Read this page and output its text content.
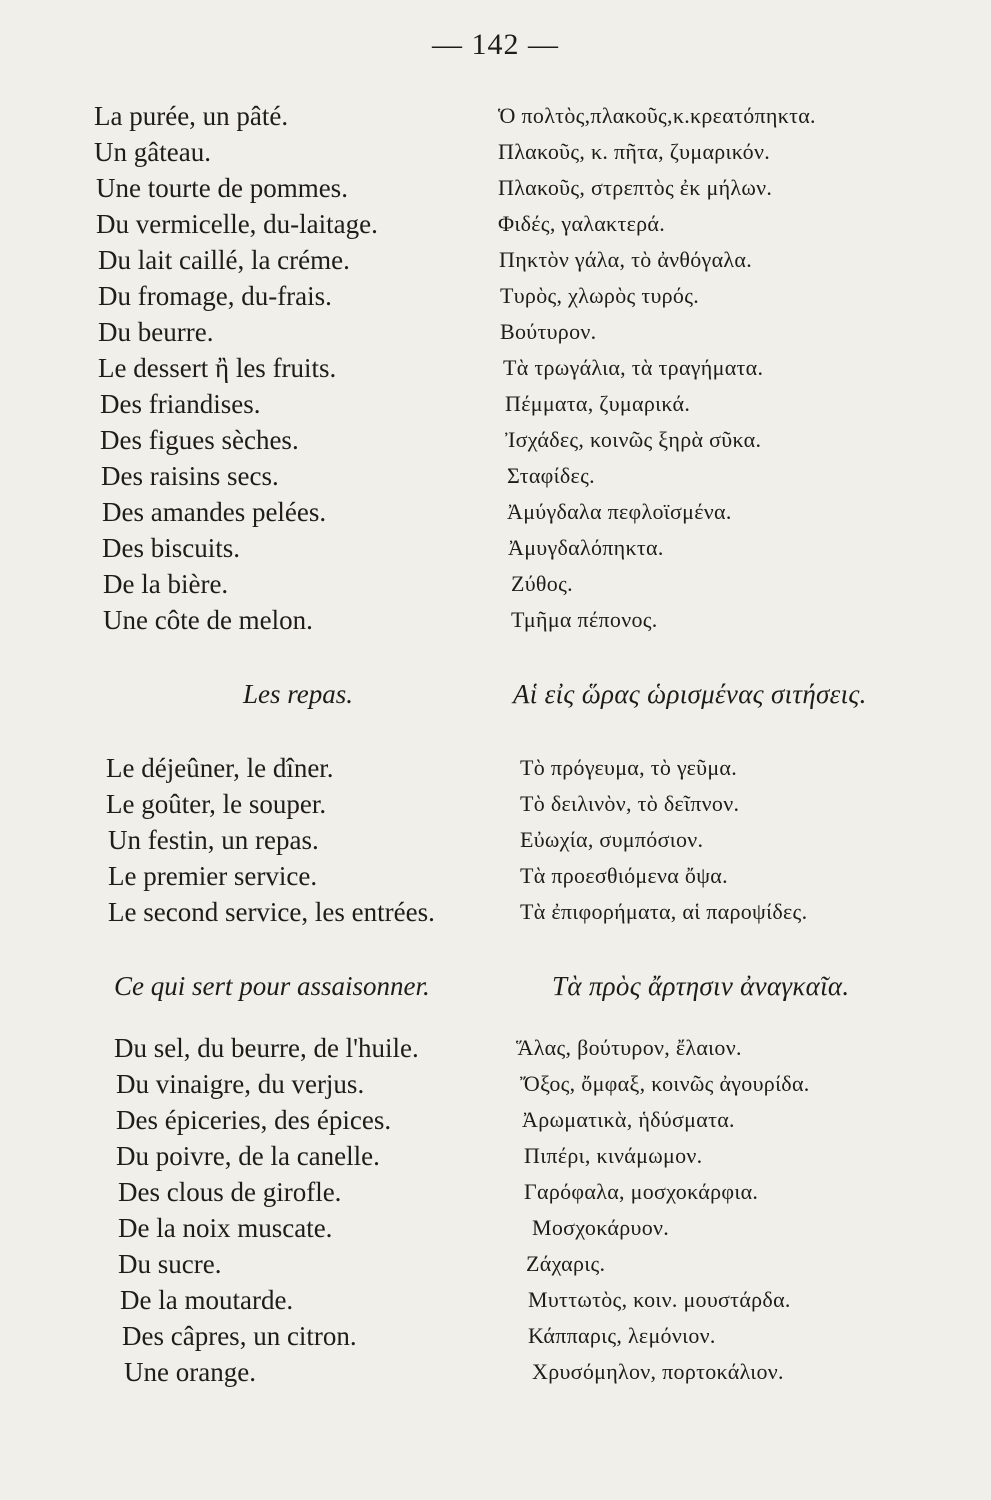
— 142 —
La purée, un pâté.	Ὁ πολτὸς,πλακοῦς,κ.κρεατόπηκτα.
Un gâteau.	Πλακοῦς, κ. πῆτα, ζυμαρικόν.
Une tourte de pommes.	Πλακοῦς, στρεπτὸς ἐκ μήλων.
Du vermicelle, du-laitage.	Φιδές, γαλακτερά.
Du lait caillé, la créme.	Πηκτὸν γάλα, τὸ ἀνθόγαλα.
Du fromage, du-frais.	Τυρὸς, χλωρὸς τυρός.
Du beurre.	Βούτυρον.
Le dessert ἢ les fruits.	Τὰ τρωγάλια, τὰ τραγήματα.
Des friandises.	Πέμματα, ζυμαρικά.
Des figues sèches.	Ἰσχάδες, κοινῶς ξηρὰ σῦκα.
Des raisins secs.	Σταφίδες.
Des amandes pelées.	Ἀμύγδαλα πεφλοϊσμένα.
Des biscuits.	Ἀμυγδαλόπηκτα.
De la bière.	Ζύθος.
Une côte de melon.	Τμῆμα πέπονος.
Les repas.	Αἱ εἰς ὥρας ὡρισμένας σιτήσεις.
Le déjeûner, le dîner.	Τὸ πρόγευμα, τὸ γεῦμα.
Le goûter, le souper.	Τὸ δειλινὸν, τὸ δεῖπνον.
Un festin, un repas.	Εὐωχία, συμπόσιον.
Le premier service.	Τὰ προεσθιόμενα ὄψα.
Le second service, les entrées.	Τὰ ἐπιφορήματα, αἱ παροψίδες.
Ce qui sert pour assaisonner.	Τὰ πρὸς ἄρτησιν ἀναγκαῖα.
Du sel, du beurre, de l'huile.	Ἅλας, βούτυρον, ἔλαιον.
Du vinaigre, du verjus.	Ὄξος, ὄμφαξ, κοινῶς ἀγουρίδα.
Des épiceries, des épices.	Ἀρωματικὰ, ἡδύσματα.
Du poivre, de la canelle.	Πιπέρι, κινάμωμον.
Des clous de girofle.	Γαρόφαλα, μοσχοκάρφια.
De la noix muscate.	Μοσχοκάρυον.
Du sucre.	Ζάχαρις.
De la moutarde.	Μυττωτὸς, κοιν. μουστάρδα.
Des câpres, un citron.	Κάππαρις, λεμόνιον.
Une orange.	Χρυσόμηλον, πορτοκάλιον.
